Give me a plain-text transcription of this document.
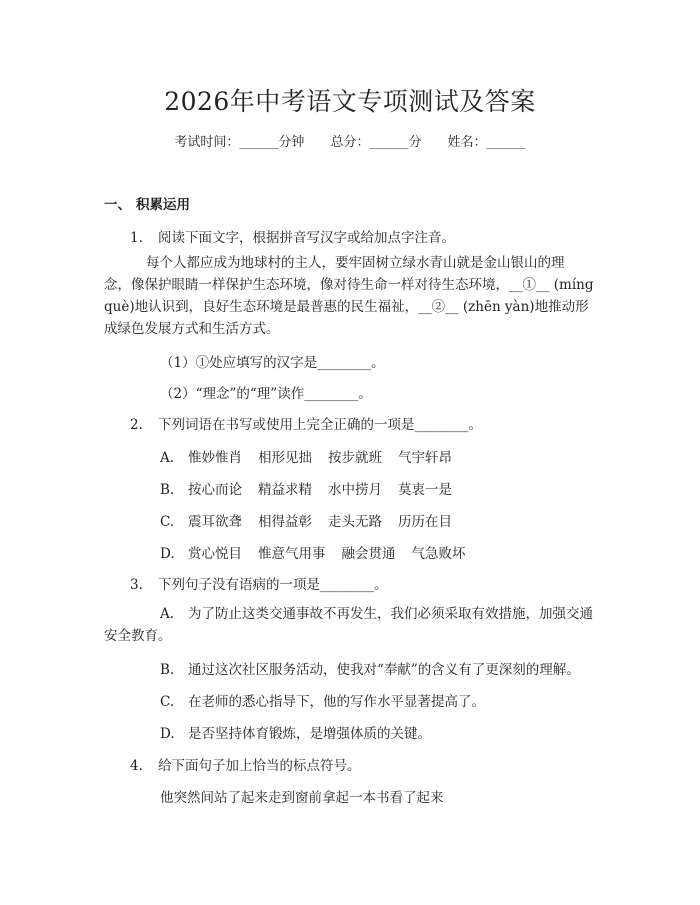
2026年中考语文专项测试及答案
考试时间：______分钟 总分：______分 姓名：______
一、 积累运用
1. 阅读下面文字，根据拼音写汉字或给加点字注音。
每个人都应成为地球村的主人，要牢固树立绿水青山就是金山银山的理
念，像保护眼睛一样保护生态环境，像对待生命一样对待生态环境，__①__ (míng
què)地认识到，良好生态环境是最普惠的民生福祉，__②__ (zhēn yàn)地推动形
成绿色发展方式和生活方式。
（1）①处应填写的汉字是________。
（2）“理念”的“理”读作________。
2. 下列词语在书写或使用上完全正确的一项是________。
A. 惟妙惟肖 相形见拙 按步就班 气宇轩昂
B. 按心而论 精益求精 水中捞月 莫衷一是
C. 震耳欲聋 相得益彰 走头无路 历历在目
D. 赏心悦目 惟意气用事 融会贯通 气急败坏
3. 下列句子没有语病的一项是________。
A. 为了防止这类交通事故不再发生，我们必须采取有效措施，加强交通
安全教育。
B. 通过这次社区服务活动，使我对“奉献”的含义有了更深刻的理解。
C. 在老师的悉心指导下，他的写作水平显著提高了。
D. 是否坚持体育锻炼，是增强体质的关键。
4. 给下面句子加上恰当的标点符号。
他突然间站了起来走到窗前拿起一本书看了起来
